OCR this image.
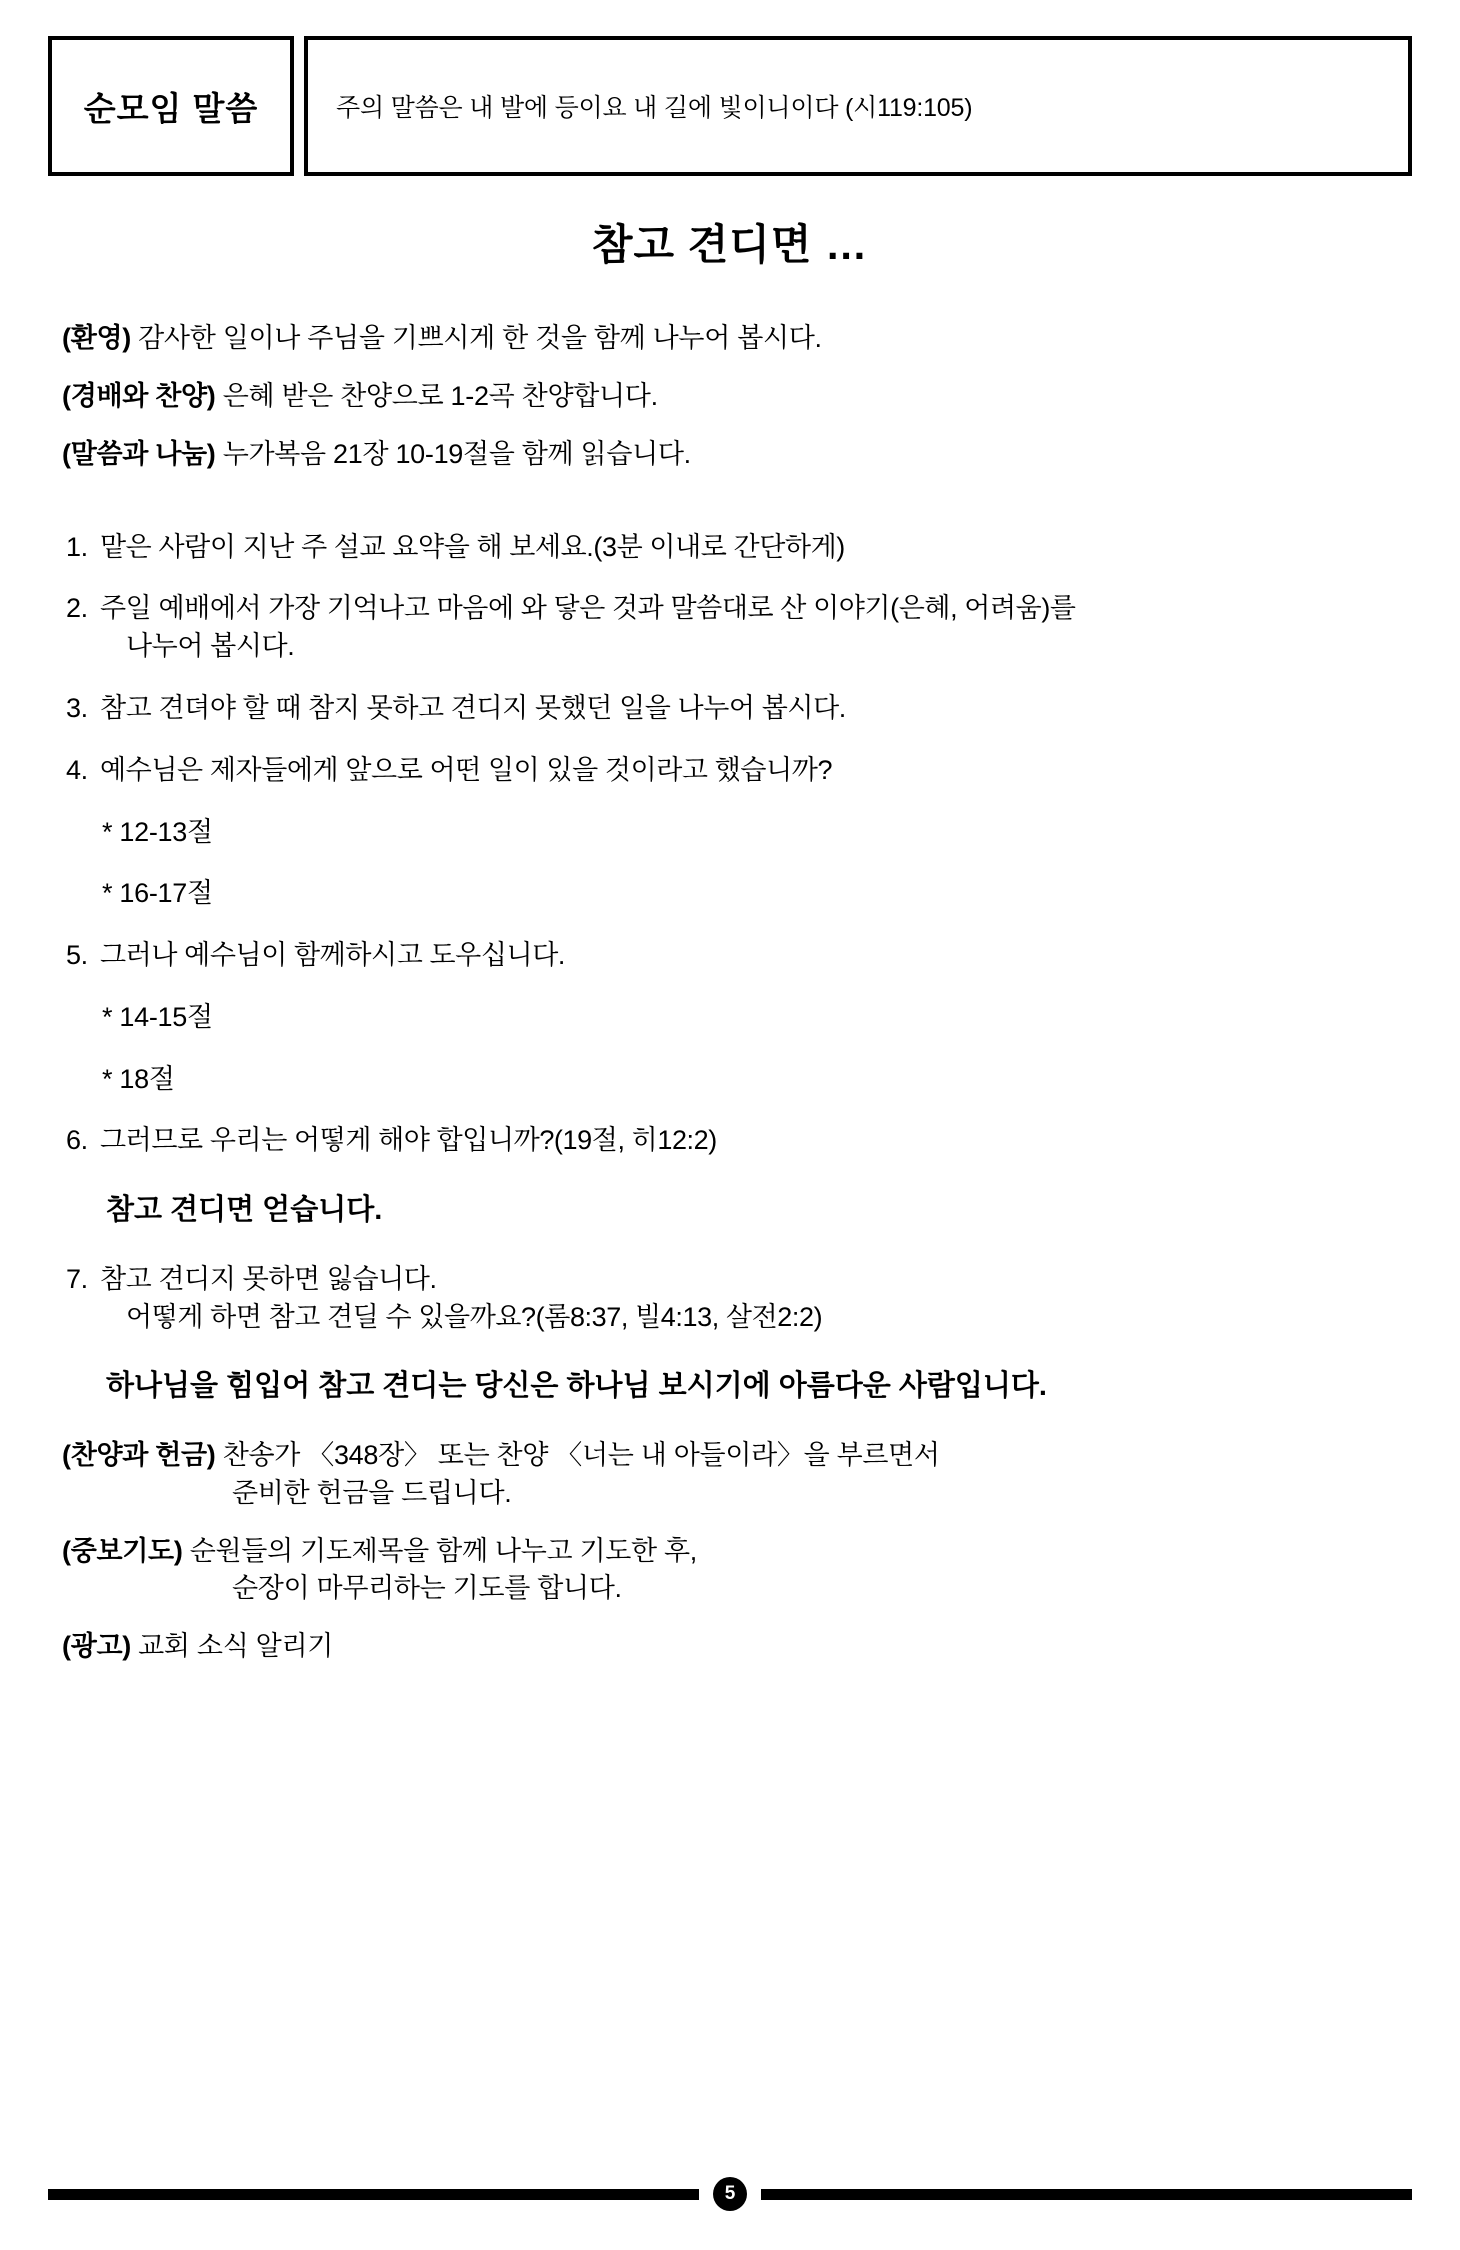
순모임 말씀	주의 말씀은 내 발에 등이요 내 길에 빛이니이다 (시119:105)
참고 견디면 …
(환영) 감사한 일이나 주님을 기쁘시게 한 것을 함께 나누어 봅시다.
(경배와 찬양) 은혜 받은 찬양으로 1-2곡 찬양합니다.
(말씀과 나눔) 누가복음 21장 10-19절을 함께 읽습니다.
1. 맡은 사람이 지난 주 설교 요약을 해 보세요.(3분 이내로 간단하게)
2. 주일 예배에서 가장 기억나고 마음에 와 닿은 것과 말씀대로 산 이야기(은혜, 어려움)를
나누어 봅시다.
3. 참고 견뎌야 할 때 참지 못하고 견디지 못했던 일을 나누어 봅시다.
4. 예수님은 제자들에게 앞으로 어떤 일이 있을 것이라고 했습니까?
* 12-13절
* 16-17절
5. 그러나 예수님이 함께하시고 도우십니다.
* 14-15절
* 18절
6. 그러므로 우리는 어떻게 해야 합입니까?(19절, 히12:2)
참고 견디면 얻습니다.
7. 참고 견디지 못하면 잃습니다.
어떻게 하면 참고 견딜 수 있을까요?(롬8:37, 빌4:13, 살전2:2)
하나님을 힘입어 참고 견디는 당신은 하나님 보시기에 아름다운 사람입니다.
(찬양과 헌금) 찬송가 〈348장〉 또는 찬양 〈너는 내 아들이라〉을 부르면서
준비한 헌금을 드립니다.
(중보기도) 순원들의 기도제목을 함께 나누고 기도한 후,
순장이 마무리하는 기도를 합니다.
(광고) 교회 소식 알리기
5
